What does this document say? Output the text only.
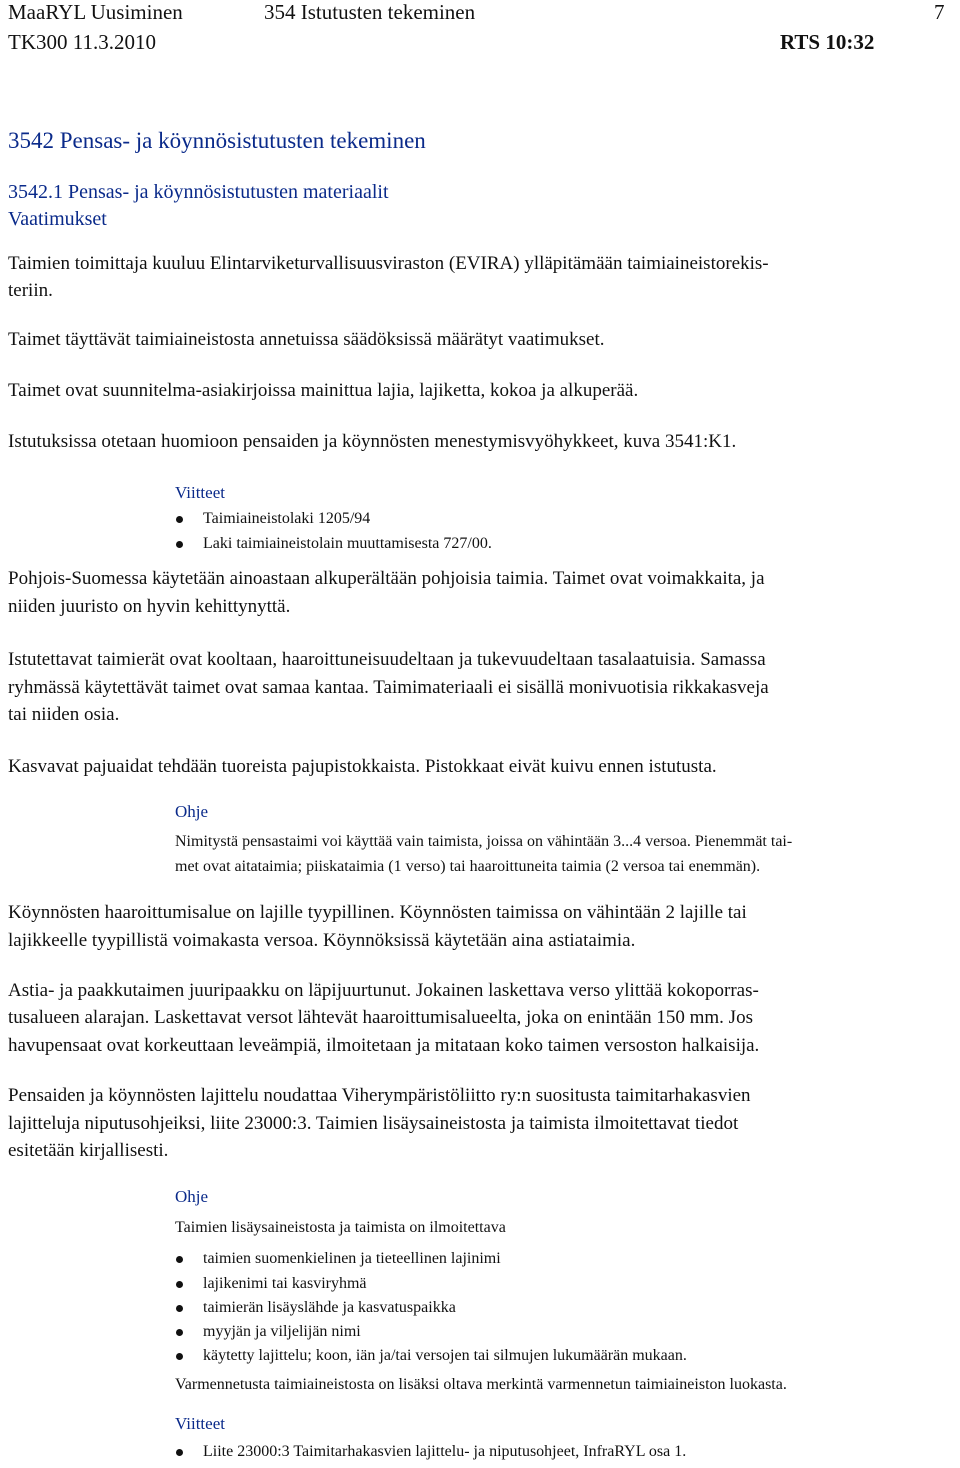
MaaRYL Uusiminen	354 Istutusten tekeminen	7
TK300 11.3.2010	RTS 10:32
3542 Pensas- ja köynnösistutusten tekeminen
3542.1 Pensas- ja köynnösistutusten materiaalit
Vaatimukset
Taimien toimittaja kuuluu Elintarviketurvallisuusviraston (EVIRA) ylläpitämään taimiaineistorekis-
teriin.
Taimet täyttävät taimiaineistosta annetuissa säädöksissä määrätyt vaatimukset.
Taimet ovat suunnitelma-asiakirjoissa mainittua lajia, lajiketta, kokoa ja alkuperää.
Istutuksissa otetaan huomioon pensaiden ja köynnösten menestymisvyöhykkeet, kuva 3541:K1.
Viitteet
Taimiaineistolaki 1205/94
Laki taimiaineistolain muuttamisesta 727/00.
Pohjois-Suomessa käytetään ainoastaan alkuperältään pohjoisia taimia. Taimet ovat voimakkaita, ja
niiden juuristo on hyvin kehittynyttä.
Istutettavat taimierät ovat kooltaan, haaroittuneisuudeltaan ja tukevuudeltaan tasalaatuisia. Samassa
ryhmässä käytettävät taimet ovat samaa kantaa. Taimimateriaali ei sisällä monivuotisia rikkakasveja
tai niiden osia.
Kasvavat pajuaidat tehdään tuoreista pajupistokkaista. Pistokkaat eivät kuivu ennen istutusta.
Ohje
Nimitystä pensastaimi voi käyttää vain taimista, joissa on vähintään 3...4 versoa. Pienemmät tai-
met ovat aitataimia; piiskataimia (1 verso) tai haaroittuneita taimia (2 versoa tai enemmän).
Köynnösten haaroittumisalue on lajille tyypillinen. Köynnösten taimissa on vähintään 2 lajille tai
lajikkeelle tyypillistä voimakasta versoa. Köynnöksissä käytetään aina astiataimia.
Astia- ja paakkutaimen juuripaakku on läpijuurtunut. Jokainen laskettava verso ylittää kokoporras-
tusalueen alarajan. Laskettavat versot lähtevät haaroittumisalueelta, joka on enintään 150 mm. Jos
havupensaat ovat korkeuttaan leveämpiä, ilmoitetaan ja mitataan koko taimen versoston halkaisija.
Pensaiden ja köynnösten lajittelu noudattaa Viherympäristöliitto ry:n suositusta taimitarhakasvien
lajitteluja niputusohjeiksi, liite 23000:3. Taimien lisäysaineistosta ja taimista ilmoitettavat tiedot
esitetään kirjallisesti.
Ohje
Taimien lisäysaineistosta ja taimista on ilmoitettava
taimien suomenkielinen ja tieteellinen lajinimi
lajikenimi tai kasviryhmä
taimierän lisäyslähde ja kasvatuspaikka
myyjän ja viljelijän nimi
käytetty lajittelu; koon, iän ja/tai versojen tai silmujen lukumäärän mukaan.
Varmennetusta taimiaineistosta on lisäksi oltava merkintä varmennetun taimiaineiston luokasta.
Viitteet
Liite 23000:3 Taimitarhakasvien lajittelu- ja niputusohjeet, InfraRYL osa 1.
